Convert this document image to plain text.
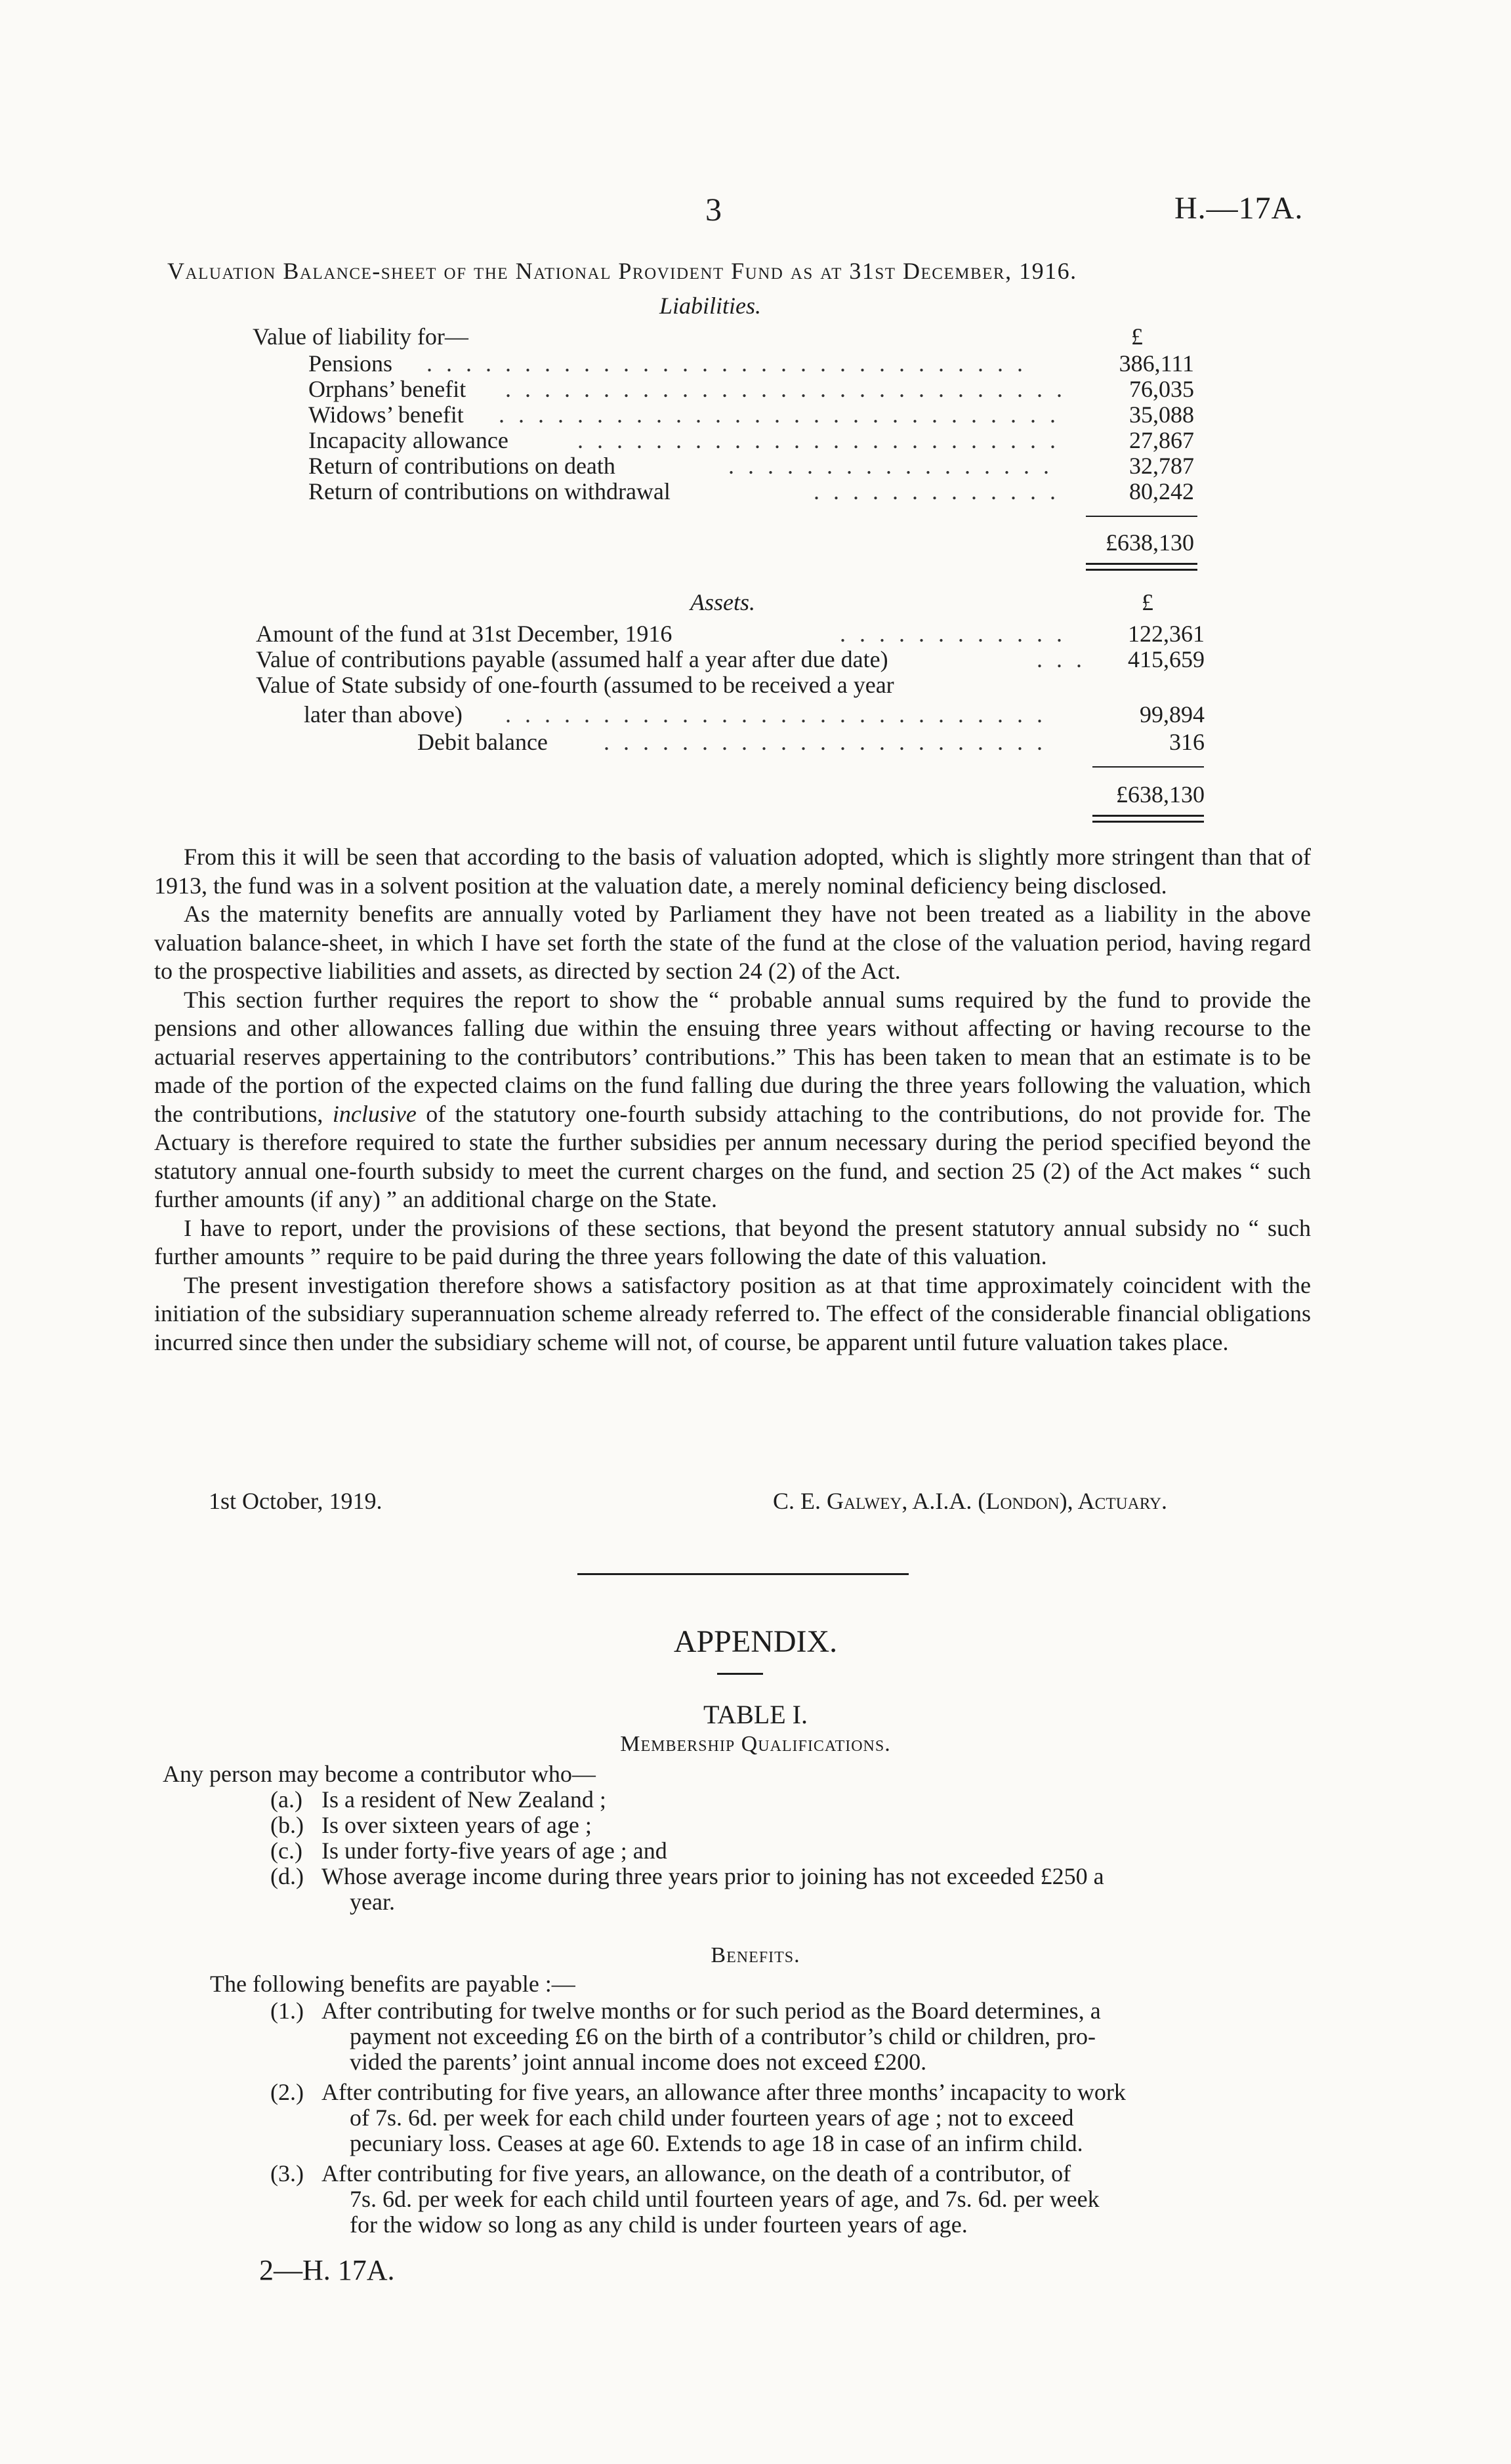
3	H.—17A.
Valuation Balance-sheet of the National Provident Fund as at 31st December, 1916.
Liabilities.
Value of liability for—	£
Pensions . . . . . . . . . . . . . . . . . . . . . . . . . . . . . . .	386,111
Orphans’ benefit . . . . . . . . . . . . . . . . . . . . . . . . . . . . .	76,035
Widows’ benefit . . . . . . . . . . . . . . . . . . . . . . . . . . . . .	35,088
Incapacity allowance	. . . . . . . . . . . . . . . . . . . . . . . . .	27,867
Return of contributions on death	. . . . . . . . . . . . . . . . .	32,787
Return of contributions on withdrawal	. . . . . . . . . . . . .	80,242
£638,130
Assets.	£
Amount of the fund at 31st December, 1916	. . . . . . . . . . . .	122,361
Value of contributions payable (assumed half a year after due date)	. . .	415,659
Value of State subsidy of one-fourth (assumed to be received a year
later than above) . . . . . . . . . . . . . . . . . . . . . . . . . . . .	99,894
Debit balance . . . . . . . . . . . . . . . . . . . . . . .	316
£638,130

From this it will be seen that according to the basis of valuation adopted, which is slightly more stringent than that of 1913, the fund was in a solvent position at the valuation date, a merely nominal deficiency being disclosed.

As the maternity benefits are annually voted by Parliament they have not been treated as a liability in the above valuation balance-sheet, in which I have set forth the state of the fund at the close of the valuation period, having regard to the prospective liabilities and assets, as directed by section 24 (2) of the Act.

This section further requires the report to show the “ probable annual sums required by the fund to provide the pensions and other allowances falling due within the ensuing three years without affecting or having recourse to the actuarial reserves appertaining to the contributors’ contributions.” This has been taken to mean that an estimate is to be made of the portion of the expected claims on the fund falling due during the three years following the valuation, which the contributions, inclusive of the statutory one-fourth subsidy attaching to the contributions, do not provide for. The Actuary is therefore required to state the further subsidies per annum necessary during the period specified beyond the statutory annual one-fourth subsidy to meet the current charges on the fund, and section 25 (2) of the Act makes “ such further amounts (if any) ” an additional charge on the State.

I have to report, under the provisions of these sections, that beyond the present statutory annual subsidy no “ such further amounts ” require to be paid during the three years following the date of this valuation.

The present investigation therefore shows a satisfactory position as at that time approximately coincident with the initiation of the subsidiary superannuation scheme already referred to. The effect of the considerable financial obligations incurred since then under the subsidiary scheme will not, of course, be apparent until future valuation takes place.

1st October, 1919.	C. E. Galwey, A.I.A. (London), Actuary.
APPENDIX.
TABLE I.
Membership Qualifications.
Any person may become a contributor who—
(a.) Is a resident of New Zealand ;
(b.) Is over sixteen years of age ;
(c.) Is under forty-five years of age ; and
(d.) Whose average income during three years prior to joining has not exceeded £250 a
year.
Benefits.
The following benefits are payable :—
(1.) After contributing for twelve months or for such period as the Board determines, a
payment not exceeding £6 on the birth of a contributor’s child or children, pro-
vided the parents’ joint annual income does not exceed £200.
(2.) After contributing for five years, an allowance after three months’ incapacity to work
of 7s. 6d. per week for each child under fourteen years of age ; not to exceed
pecuniary loss. Ceases at age 60. Extends to age 18 in case of an infirm child.
(3.) After contributing for five years, an allowance, on the death of a contributor, of
7s. 6d. per week for each child until fourteen years of age, and 7s. 6d. per week
for the widow so long as any child is under fourteen years of age.
2—H. 17A.
